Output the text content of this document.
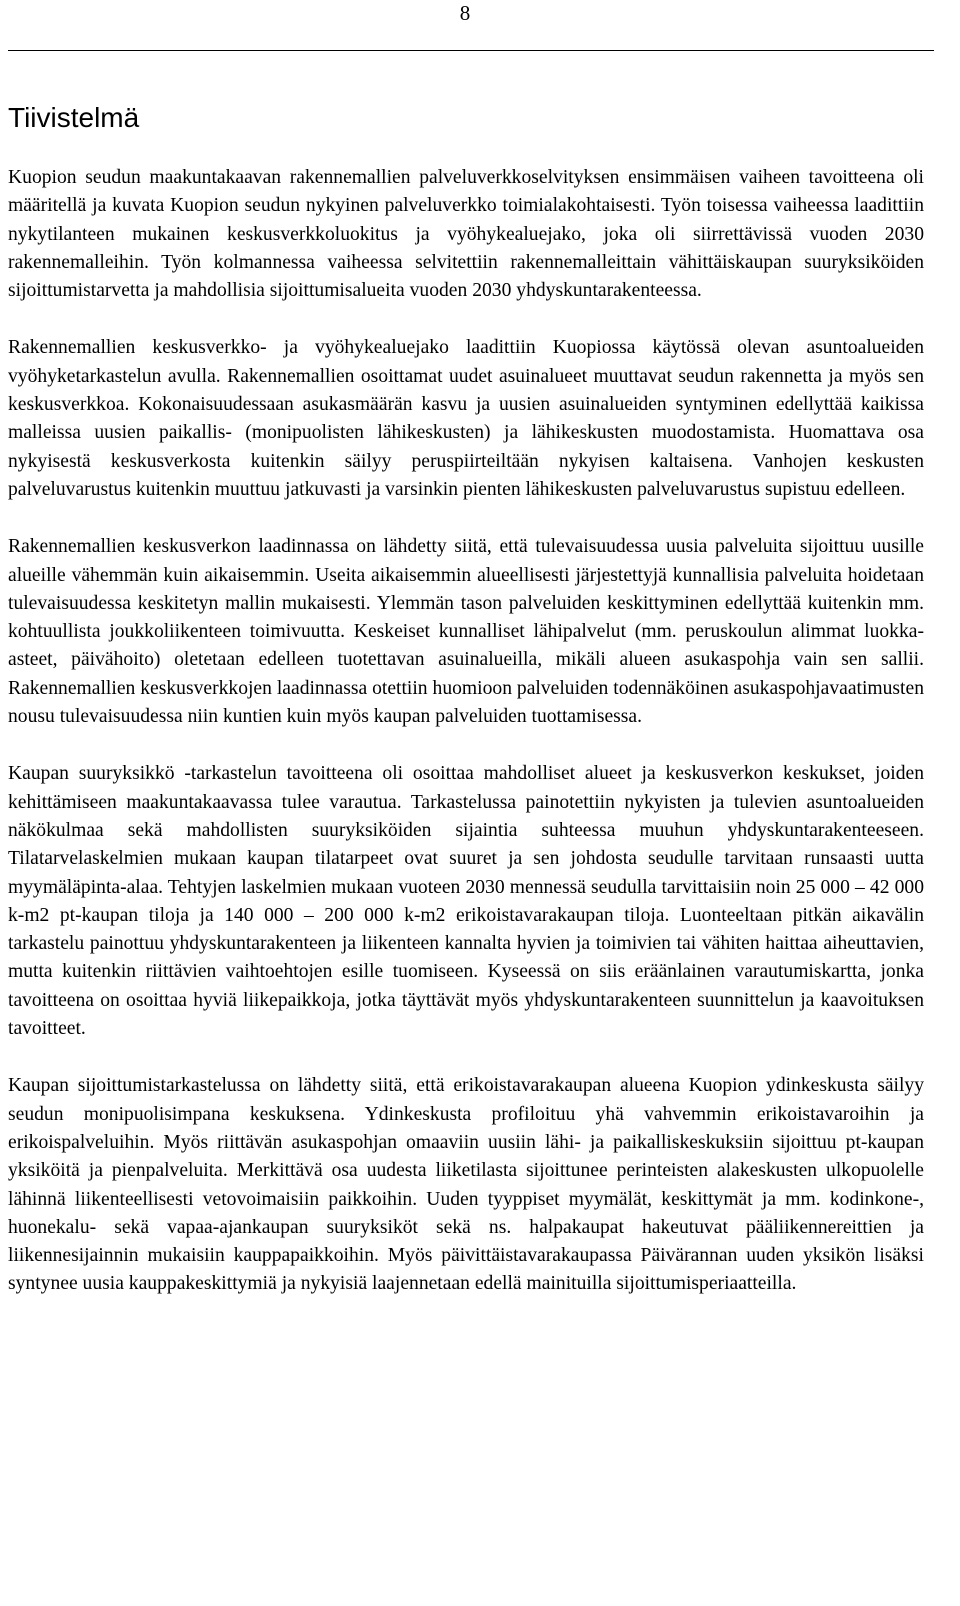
8
Tiivistelmä

Kuopion seudun maakuntakaavan rakennemallien palveluverkkoselvityksen ensimmäisen vaiheen tavoitteena oli määritellä ja kuvata Kuopion seudun nykyinen palveluverkko toimialakohtaisesti. Työn toisessa vaiheessa laadittiin nykytilanteen mukainen keskusverkkoluokitus ja vyöhykealuejako, joka oli siirrettävissä vuoden 2030 rakennemalleihin. Työn kolmannessa vaiheessa selvitettiin rakennemalleittain vähittäiskaupan suuryksiköiden sijoittumistarvetta ja mahdollisia sijoittumisalueita vuoden 2030 yhdyskuntarakenteessa.

Rakennemallien keskusverkko- ja vyöhykealuejako laadittiin Kuopiossa käytössä olevan asuntoalueiden vyöhyketarkastelun avulla. Rakennemallien osoittamat uudet asuinalueet muuttavat seudun rakennetta ja myös sen keskusverkkoa. Kokonaisuudessaan asukasmäärän kasvu ja uusien asuinalueiden syntyminen edellyttää kaikissa malleissa uusien paikallis- (monipuolisten lähikeskusten) ja lähikeskusten muodostamista. Huomattava osa nykyisestä keskusverkosta kuitenkin säilyy peruspiirteiltään nykyisen kaltaisena. Vanhojen keskusten palveluvarustus kuitenkin muuttuu jatkuvasti ja varsinkin pienten lähikeskusten palveluvarustus supistuu edelleen.

Rakennemallien keskusverkon laadinnassa on lähdetty siitä, että tulevaisuudessa uusia palveluita sijoittuu uusille alueille vähemmän kuin aikaisemmin. Useita aikaisemmin alueellisesti järjestettyjä kunnallisia palveluita hoidetaan tulevaisuudessa keskitetyn mallin mukaisesti. Ylemmän tason palveluiden keskittyminen edellyttää kuitenkin mm. kohtuullista joukkoliikenteen toimivuutta. Keskeiset kunnalliset lähipalvelut (mm. peruskoulun alimmat luokka-asteet, päivähoito) oletetaan edelleen tuotettavan asuinalueilla, mikäli alueen asukaspohja vain sen sallii. Rakennemallien keskusverkkojen laadinnassa otettiin huomioon palveluiden todennäköinen asukaspohjavaatimusten nousu tulevaisuudessa niin kuntien kuin myös kaupan palveluiden tuottamisessa.

Kaupan suuryksikkö -tarkastelun tavoitteena oli osoittaa mahdolliset alueet ja keskusverkon keskukset, joiden kehittämiseen maakuntakaavassa tulee varautua. Tarkastelussa painotettiin nykyisten ja tulevien asuntoalueiden näkökulmaa sekä mahdollisten suuryksiköiden sijaintia suhteessa muuhun yhdyskuntarakenteeseen. Tilatarvelaskelmien mukaan kaupan tilatarpeet ovat suuret ja sen johdosta seudulle tarvitaan runsaasti uutta myymäläpinta-alaa. Tehtyjen laskelmien mukaan vuoteen 2030 mennessä seudulla tarvittaisiin noin 25 000 – 42 000 k-m2 pt-kaupan tiloja ja 140 000 – 200 000 k-m2 erikoistavarakaupan tiloja. Luonteeltaan pitkän aikavälin tarkastelu painottuu yhdyskuntarakenteen ja liikenteen kannalta hyvien ja toimivien tai vähiten haittaa aiheuttavien, mutta kuitenkin riittävien vaihtoehtojen esille tuomiseen. Kyseessä on siis eräänlainen varautumiskartta, jonka tavoitteena on osoittaa hyviä liikepaikkoja, jotka täyttävät myös yhdyskuntarakenteen suunnittelun ja kaavoituksen tavoitteet.

Kaupan sijoittumistarkastelussa on lähdetty siitä, että erikoistavarakaupan alueena Kuopion ydinkeskusta säilyy seudun monipuolisimpana keskuksena. Ydinkeskusta profiloituu yhä vahvemmin erikoistavaroihin ja erikoispalveluihin. Myös riittävän asukaspohjan omaaviin uusiin lähi- ja paikalliskeskuksiin sijoittuu pt-kaupan yksiköitä ja pienpalveluita. Merkittävä osa uudesta liiketilasta sijoittunee perinteisten alakeskusten ulkopuolelle lähinnä liikenteellisesti vetovoimaisiin paikkoihin. Uuden tyyppiset myymälät, keskittymät ja mm. kodinkone-, huonekalu- sekä vapaa-ajankaupan suuryksiköt sekä ns. halpakaupat hakeutuvat pääliikennereittien ja liikennesijainnin mukaisiin kauppapaikkoihin. Myös päivittäistavarakaupassa Päivärannan uuden yksikön lisäksi syntynee uusia kauppakeskittymiä ja nykyisiä laajennetaan edellä mainituilla sijoittumisperiaatteilla.
